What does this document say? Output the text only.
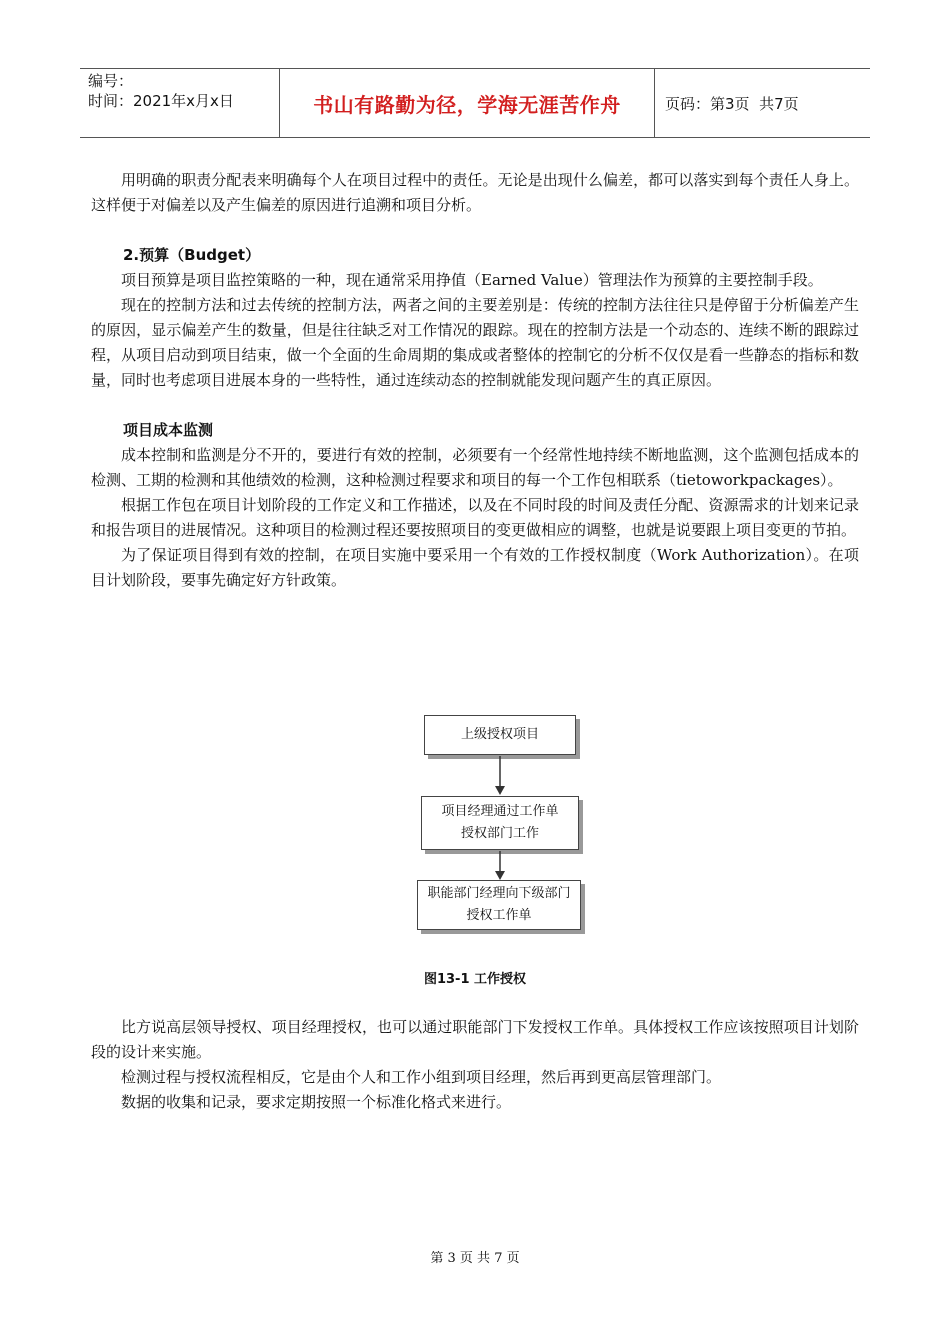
编号：
时间：2021年x月x日	书山有路勤为径，学海无涯苦作舟	页码：第3页  共7页

用明确的职责分配表来明确每个人在项目过程中的责任。无论是出现什么偏差，都可以落实到每个责任人身上。这样便于对偏差以及产生偏差的原因进行追溯和项目分析。

2.预算（Budget）

项目预算是项目监控策略的一种，现在通常采用挣值（Earned Value）管理法作为预算的主要控制手段。

现在的控制方法和过去传统的控制方法，两者之间的主要差别是：传统的控制方法往往只是停留于分析偏差产生的原因，显示偏差产生的数量，但是往往缺乏对工作情况的跟踪。现在的控制方法是一个动态的、连续不断的跟踪过程，从项目启动到项目结束，做一个全面的生命周期的集成或者整体的控制它的分析不仅仅是看一些静态的指标和数量，同时也考虑项目进展本身的一些特性，通过连续动态的控制就能发现问题产生的真正原因。

项目成本监测

成本控制和监测是分不开的，要进行有效的控制，必须要有一个经常性地持续不断地监测，这个监测包括成本的检测、工期的检测和其他绩效的检测，这种检测过程要求和项目的每一个工作包相联系（tietoworkpackages）。

根据工作包在项目计划阶段的工作定义和工作描述，以及在不同时段的时间及责任分配、资源需求的计划来记录和报告项目的进展情况。这种项目的检测过程还要按照项目的变更做相应的调整，也就是说要跟上项目变更的节拍。

为了保证项目得到有效的控制，在项目实施中要采用一个有效的工作授权制度（Work Authorization）。在项目计划阶段，要事先确定好方针政策。

上级授权项目
项目经理通过工作单
授权部门工作
职能部门经理向下级部门
授权工作单
图13-1 工作授权

比方说高层领导授权、项目经理授权，也可以通过职能部门下发授权工作单。具体授权工作应该按照项目计划阶段的设计来实施。

检测过程与授权流程相反，它是由个人和工作小组到项目经理，然后再到更高层管理部门。

数据的收集和记录，要求定期按照一个标准化格式来进行。

第 3 页 共 7 页
